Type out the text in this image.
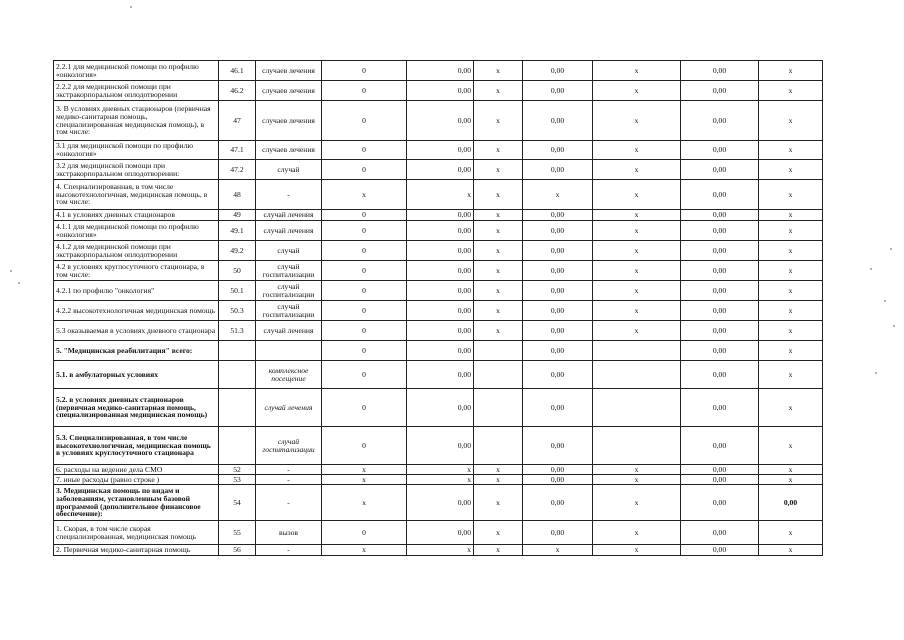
2.2.1 для медицинской помощи по профилю «онкология»	46.1	случаев лечения	0	0,00	х	0,00	х	0,00	х
2.2.2 для медицинской помощи при экстракорпоральном оплодотворении	46.2	случаев лечения	0	0,00	х	0,00	х	0,00	х
3. В условиях дневных стационаров (первичная медико-санитарная помощь, специализированная медицинская помощь), в том числе:	47	случаев лечения	0	0,00	х	0,00	х	0,00	х
3.1 для медицинской помощи по профилю «онкология»	47.1	случаев лечения	0	0,00	х	0,00	х	0,00	х
3.2 для медицинской помощи при экстракорпоральном оплодотворении:	47.2	случай	0	0,00	х	0,00	х	0,00	х
4. Специализированная, в том числе высокотехнологичная, медицинская помощь, в том числе:	48	-	х	х	х	х	х	0,00	х
4.1 в условиях дневных стационаров	49	случай лечения	0	0,00	х	0,00	х	0,00	х
4.1.1 для медицинской помощи по профилю «онкология»	49.1	случай лечения	0	0,00	х	0,00	х	0,00	х
4.1.2 для медицинской помощи при экстракорпоральном оплодотворении	49.2	случай	0	0,00	х	0,00	х	0,00	х
4.2 в условиях круглосуточного стационара, в том числе:	50	случай госпитализации	0	0,00	х	0,00	х	0,00	х
4.2.1 по профилю "онкология"	50.1	случай госпитализации	0	0,00	х	0,00	х	0,00	х
4.2.2 высокотехнологичная медицинская помощь	50.3	случай госпитализации	0	0,00	х	0,00	х	0,00	х
5.3 оказываемая в условиях дневного стационара	51.3	случай лечения	0	0,00	х	0,00	х	0,00	х
5. "Медицинская реабилитация" всего:			0	0,00		0,00		0,00	х
5.1. в амбулаторных условиях		комплексное посещение	0	0,00		0,00		0,00	х
5.2. в условиях дневных стационаров (первичная медико-санитарная помощь, специализированная медицинская помощь)		случай лечения	0	0,00		0,00		0,00	х
5.3. Специализированная, в том числе высокотехнологичная, медицинская помощь в условиях круглосуточного стационара		случай госпитализации	0	0,00		0,00		0,00	х
6. расходы на ведение дела СМО	52	-	х	х	х	0,00	х	0,00	х
7. иные расходы (равно строке )	53	-	х	х	х	0,00	х	0,00	х
3. Медицинская помощь по видам и заболеваниям, установленным базовой программой (дополнительное финансовое обеспечение):	54	-	х	0,00	х	0,00	х	0,00	0,00
1. Скорая, в том числе скорая специализированная, медицинская помощь	55	вызов	0	0,00	х	0,00	х	0,00	х
2. Первичная медико-санитарная помощь	56	-	х	х	х	х	х	0,00	х
